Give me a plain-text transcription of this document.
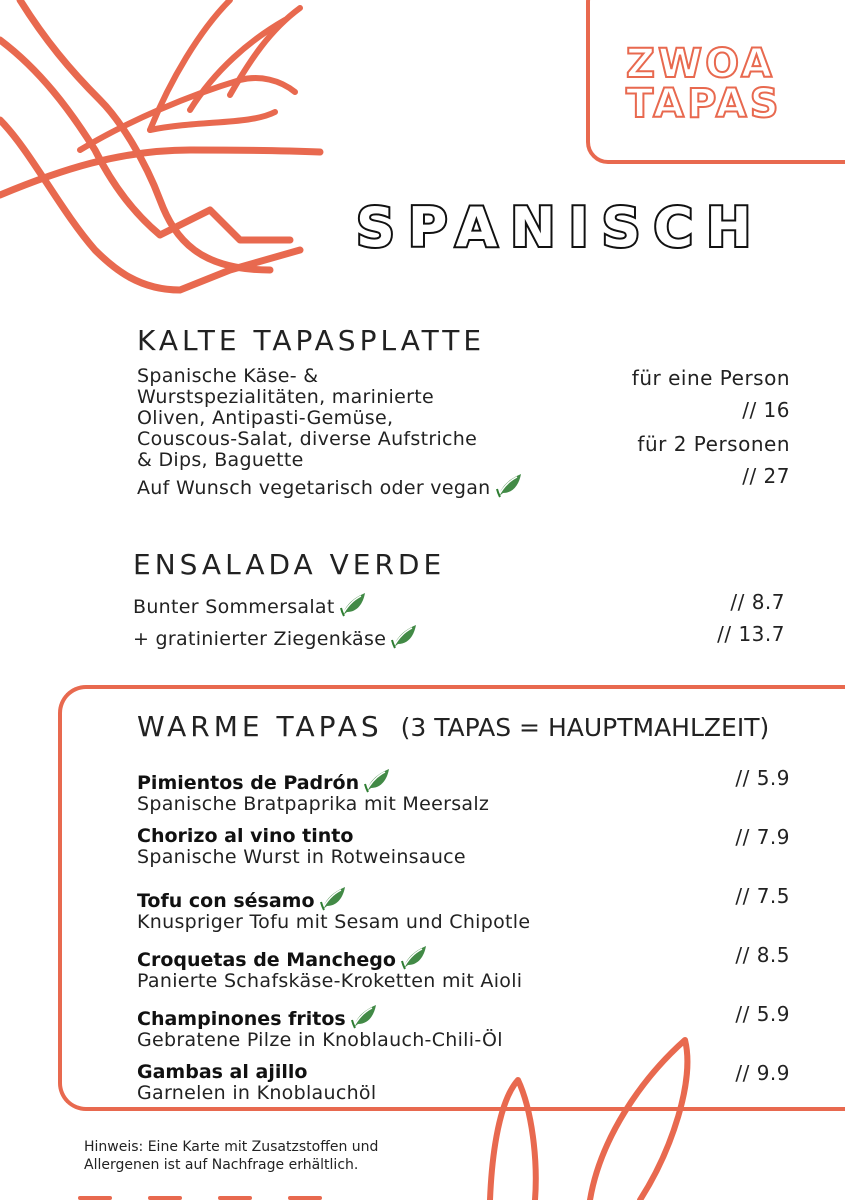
ZWOA
TAPAS
SPANISCH
KALTE TAPASPLATTE
Spanische Käse- &
Wurstspezialitäten, marinierte
Oliven, Antipasti-Gemüse,
Couscous-Salat, diverse Aufstriche
& Dips, Baguette
Auf Wunsch vegetarisch oder vegan
für eine Person
// 16
für 2 Personen
// 27
ENSALADA VERDE
Bunter Sommersalat	// 8.7
+ gratinierter Ziegenkäse	// 13.7
WARME TAPAS (3 TAPAS = HAUPTMAHLZEIT)
Pimientos de Padrón
Spanische Bratpaprika mit Meersalz
// 5.9
Chorizo al vino tinto
Spanische Wurst in Rotweinsauce
// 7.9
Tofu con sésamo
Knuspriger Tofu mit Sesam und Chipotle
// 7.5
Croquetas de Manchego
Panierte Schafskäse-Kroketten mit Aioli
// 8.5
Champinones fritos
Gebratene Pilze in Knoblauch-Chili-Öl
// 5.9
Gambas al ajillo
Garnelen in Knoblauchöl
// 9.9
Hinweis: Eine Karte mit Zusatzstoffen und
Allergenen ist auf Nachfrage erhältlich.
